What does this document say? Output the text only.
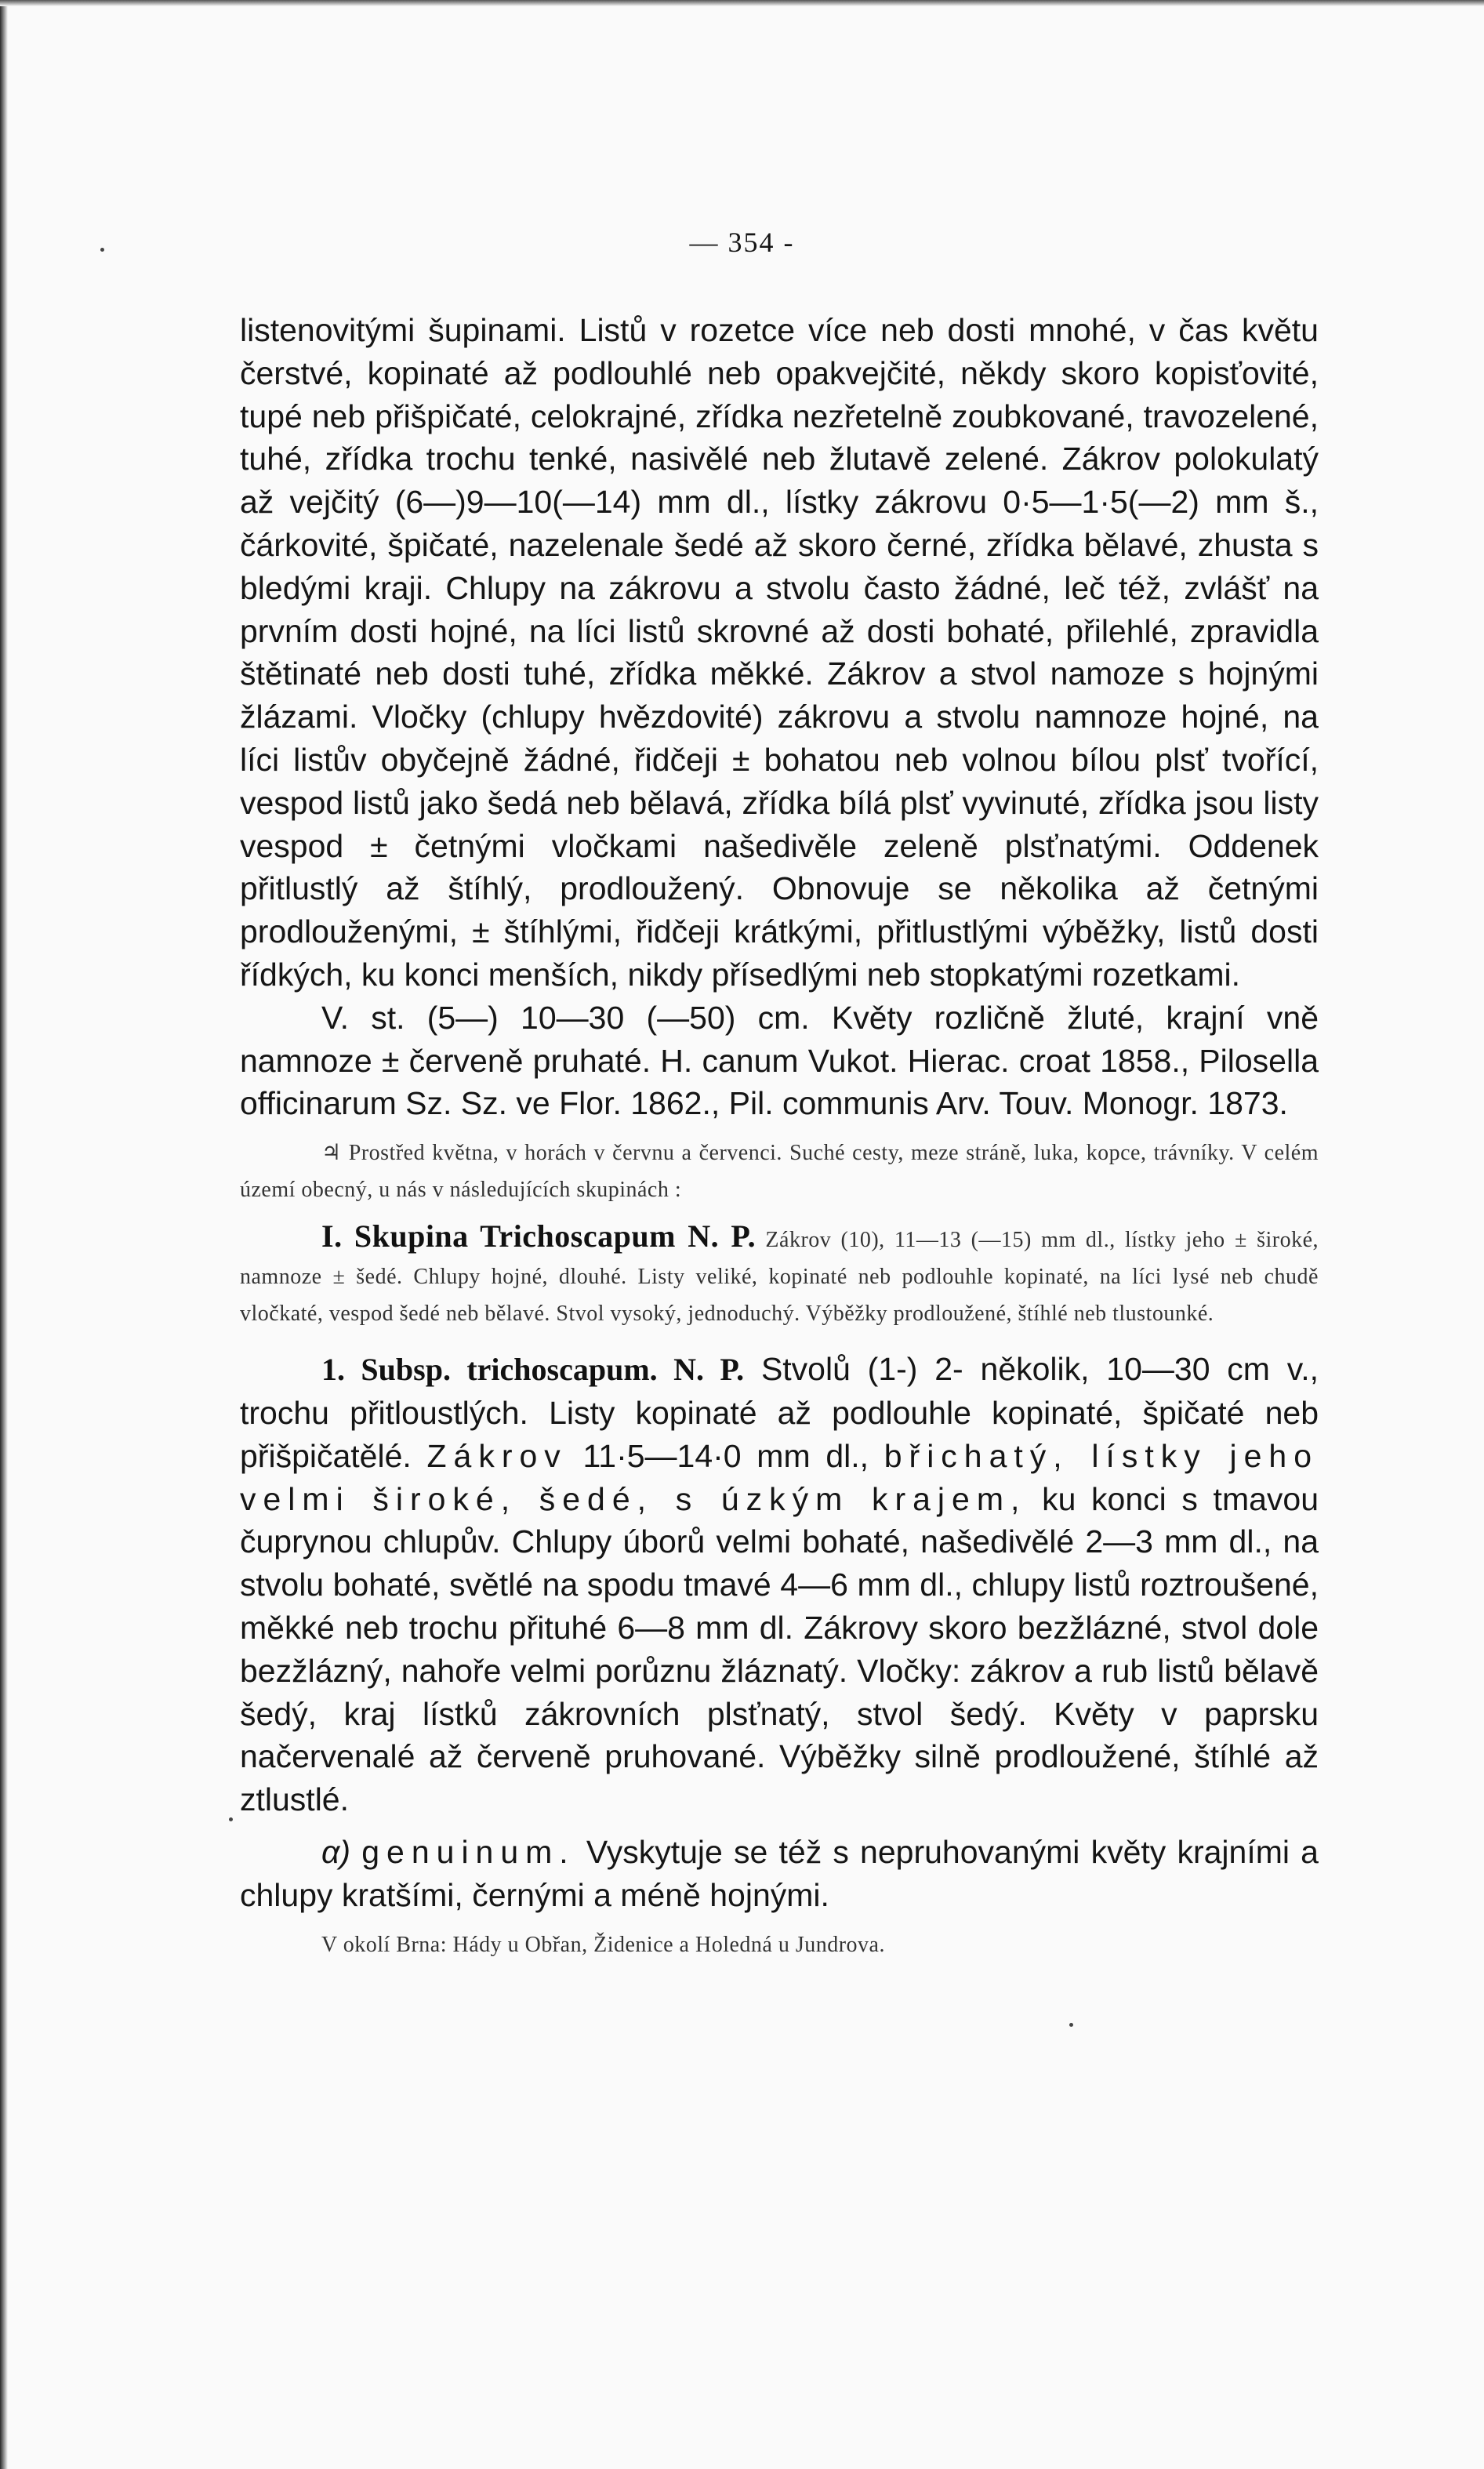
— 354 -

listenovitými šupinami. Listů v rozetce více neb dosti mnohé, v čas květu čerstvé, kopinaté až podlouhlé neb opakvejčité, někdy skoro kopisťovité, tupé neb přišpičaté, celokrajné, zřídka nezřetelně zoubkované, travozelené, tuhé, zřídka trochu tenké, nasivělé neb žlutavě zelené. Zákrov polokulatý až vejčitý (6—)9—10(—14) mm dl., lístky zákrovu 0·5—1·5(—2) mm š., čárkovité, špičaté, nazelenale šedé až skoro černé, zřídka bělavé, zhusta s bledými kraji. Chlupy na zákrovu a stvolu často žádné, leč též, zvlášť na prvním dosti hojné, na líci listů skrovné až dosti bohaté, přilehlé, zpravidla štětinaté neb dosti tuhé, zřídka měkké. Zákrov a stvol namoze s hojnými žlázami. Vločky (chlupy hvězdovité) zákrovu a stvolu namnoze hojné, na líci listův obyčejně žádné, řidčeji ± bohatou neb volnou bílou plsť tvořící, vespod listů jako šedá neb bělavá, zřídka bílá plsť vyvinuté, zřídka jsou listy vespod ± četnými vločkami našedivěle zeleně plsťnatými. Oddenek přitlustlý až štíhlý, prodloužený. Obnovuje se několika až četnými prodlouženými, ± štíhlými, řidčeji krátkými, přitlustlými výběžky, listů dosti řídkých, ku konci menších, nikdy přísedlými neb stopkatými rozetkami.

V. st. (5—) 10—30 (—50) cm. Květy rozličně žluté, krajní vně namnoze ± červeně pruhaté. H. canum Vukot. Hierac. croat 1858., Pilosella officinarum Sz. Sz. ve Flor. 1862., Pil. communis Arv. Touv. Monogr. 1873.

♃ Prostřed května, v horách v červnu a červenci. Suché cesty, meze stráně, luka, kopce, trávníky. V celém území obecný, u nás v následujících skupinách :

I. Skupina Trichoscapum N. P. Zákrov (10), 11—13 (—15) mm dl., lístky jeho ± široké, namnoze ± šedé. Chlupy hojné, dlouhé. Listy veliké, kopinaté neb podlouhle kopinaté, na líci lysé neb chudě vločkaté, vespod šedé neb bělavé. Stvol vysoký, jednoduchý. Výběžky prodloužené, štíhlé neb tlustounké.

1. Subsp. trichoscapum. N. P. Stvolů (1-) 2- několik, 10—30 cm v., trochu přitloustlých. Listy kopinaté až podlouhle kopinaté, špičaté neb přišpičatělé. Zákrov 11·5—14·0 mm dl., břichatý, lístky jeho velmi široké, šedé, s úzkým krajem, ku konci s tmavou čuprynou chlupův. Chlupy úborů velmi bohaté, našedivělé 2—3 mm dl., na stvolu bohaté, světlé na spodu tmavé 4—6 mm dl., chlupy listů roztroušené, měkké neb trochu přituhé 6—8 mm dl. Zákrovy skoro bezžlázné, stvol dole bezžlázný, nahoře velmi porůznu žláznatý. Vločky: zákrov a rub listů bělavě šedý, kraj lístků zákrovních plsťnatý, stvol šedý. Květy v paprsku načervenalé až červeně pruhované. Výběžky silně prodloužené, štíhlé až ztlustlé.

α) genuinum. Vyskytuje se též s nepruhovanými květy krajními a chlupy kratšími, černými a méně hojnými.

V okolí Brna: Hády u Obřan, Židenice a Holedná u Jundrova.
